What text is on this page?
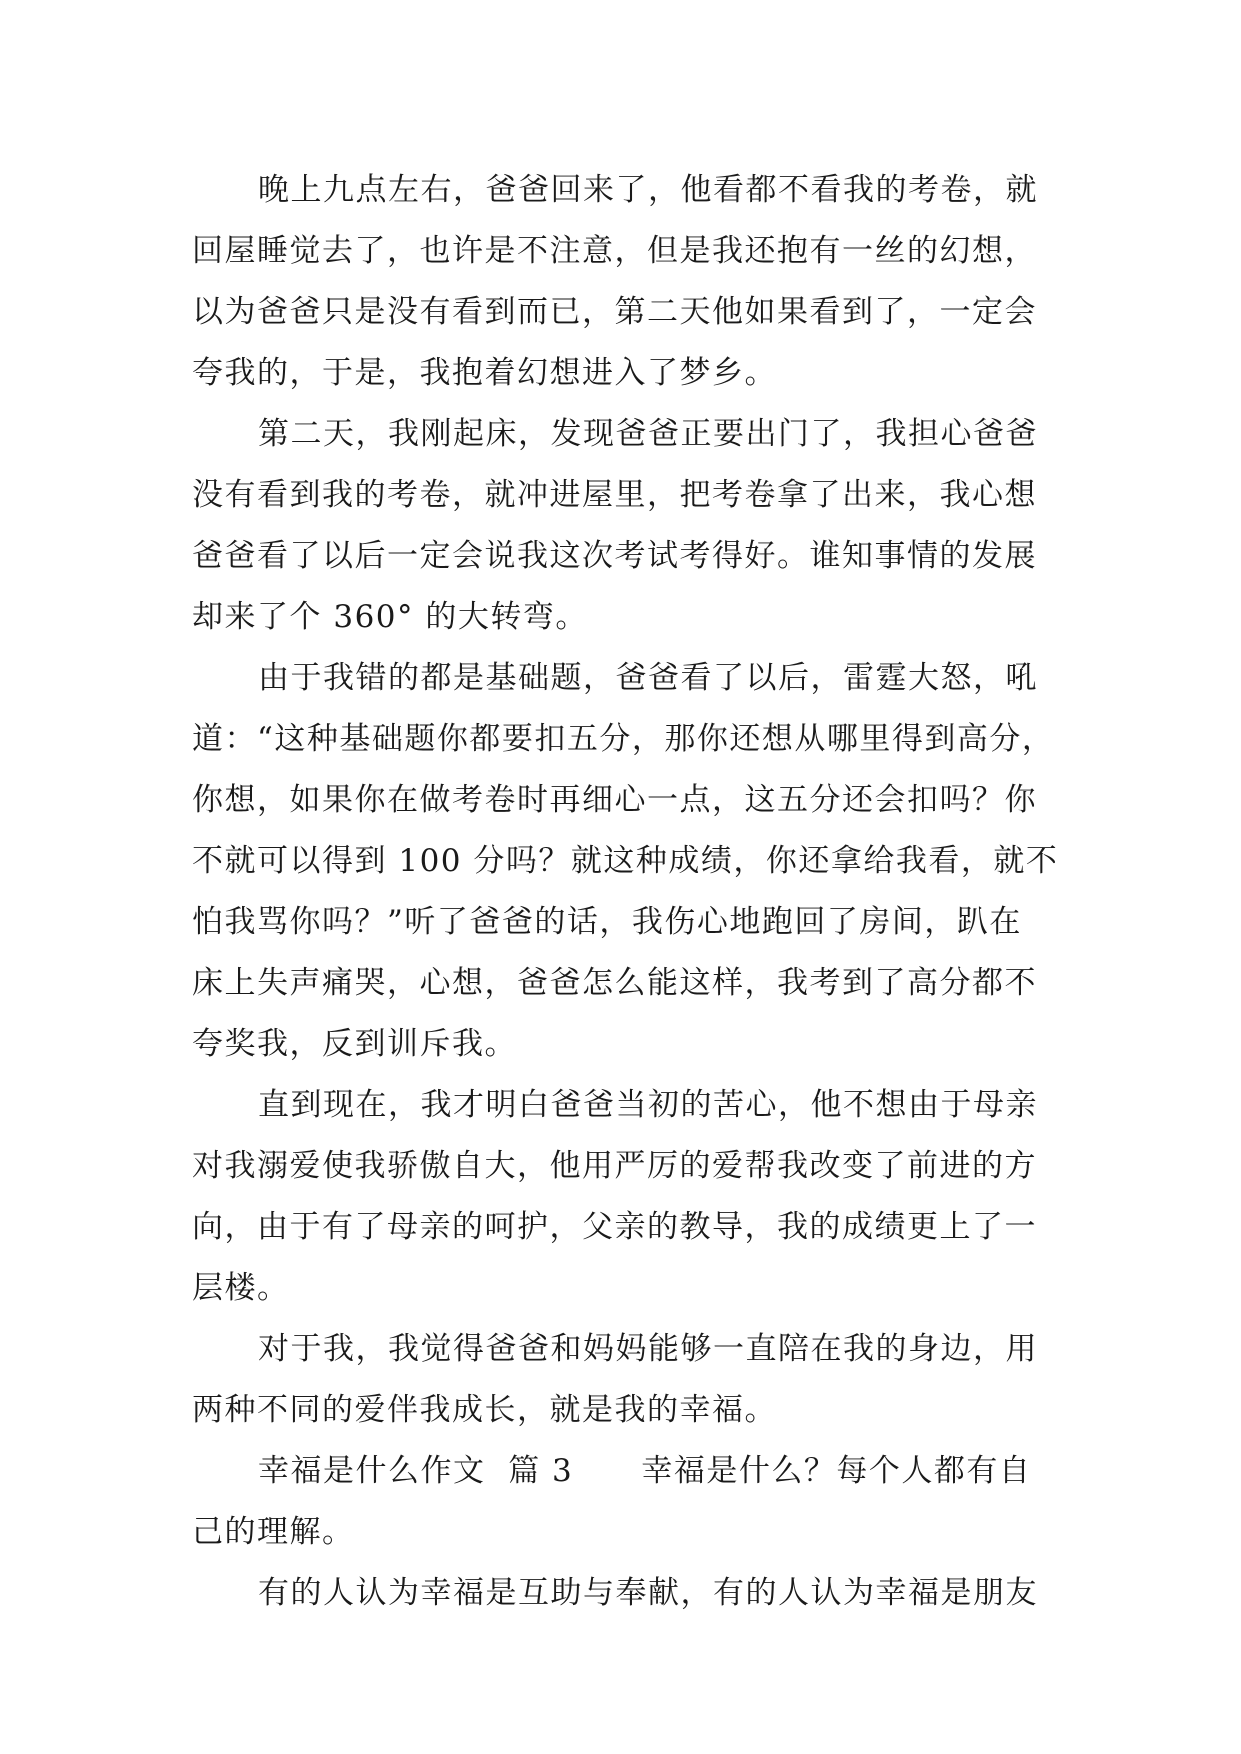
晚上九点左右，爸爸回来了，他看都不看我的考卷，就
回屋睡觉去了，也许是不注意，但是我还抱有一丝的幻想，
以为爸爸只是没有看到而已，第二天他如果看到了，一定会
夸我的，于是，我抱着幻想进入了梦乡。
第二天，我刚起床，发现爸爸正要出门了，我担心爸爸
没有看到我的考卷，就冲进屋里，把考卷拿了出来，我心想
爸爸看了以后一定会说我这次考试考得好。谁知事情的发展
却来了个 360° 的大转弯。
由于我错的都是基础题，爸爸看了以后，雷霆大怒，吼
道：“这种基础题你都要扣五分，那你还想从哪里得到高分，
你想，如果你在做考卷时再细心一点，这五分还会扣吗？你
不就可以得到 100 分吗？就这种成绩，你还拿给我看，就不
怕我骂你吗？”听了爸爸的话，我伤心地跑回了房间，趴在
床上失声痛哭，心想，爸爸怎么能这样，我考到了高分都不
夸奖我，反到训斥我。
直到现在，我才明白爸爸当初的苦心，他不想由于母亲
对我溺爱使我骄傲自大，他用严厉的爱帮我改变了前进的方
向，由于有了母亲的呵护，父亲的教导，我的成绩更上了一
层楼。
对于我，我觉得爸爸和妈妈能够一直陪在我的身边，用
两种不同的爱伴我成长，就是我的幸福。
幸福是什么作文  篇 3      幸福是什么？每个人都有自
己的理解。
有的人认为幸福是互助与奉献，有的人认为幸福是朋友
